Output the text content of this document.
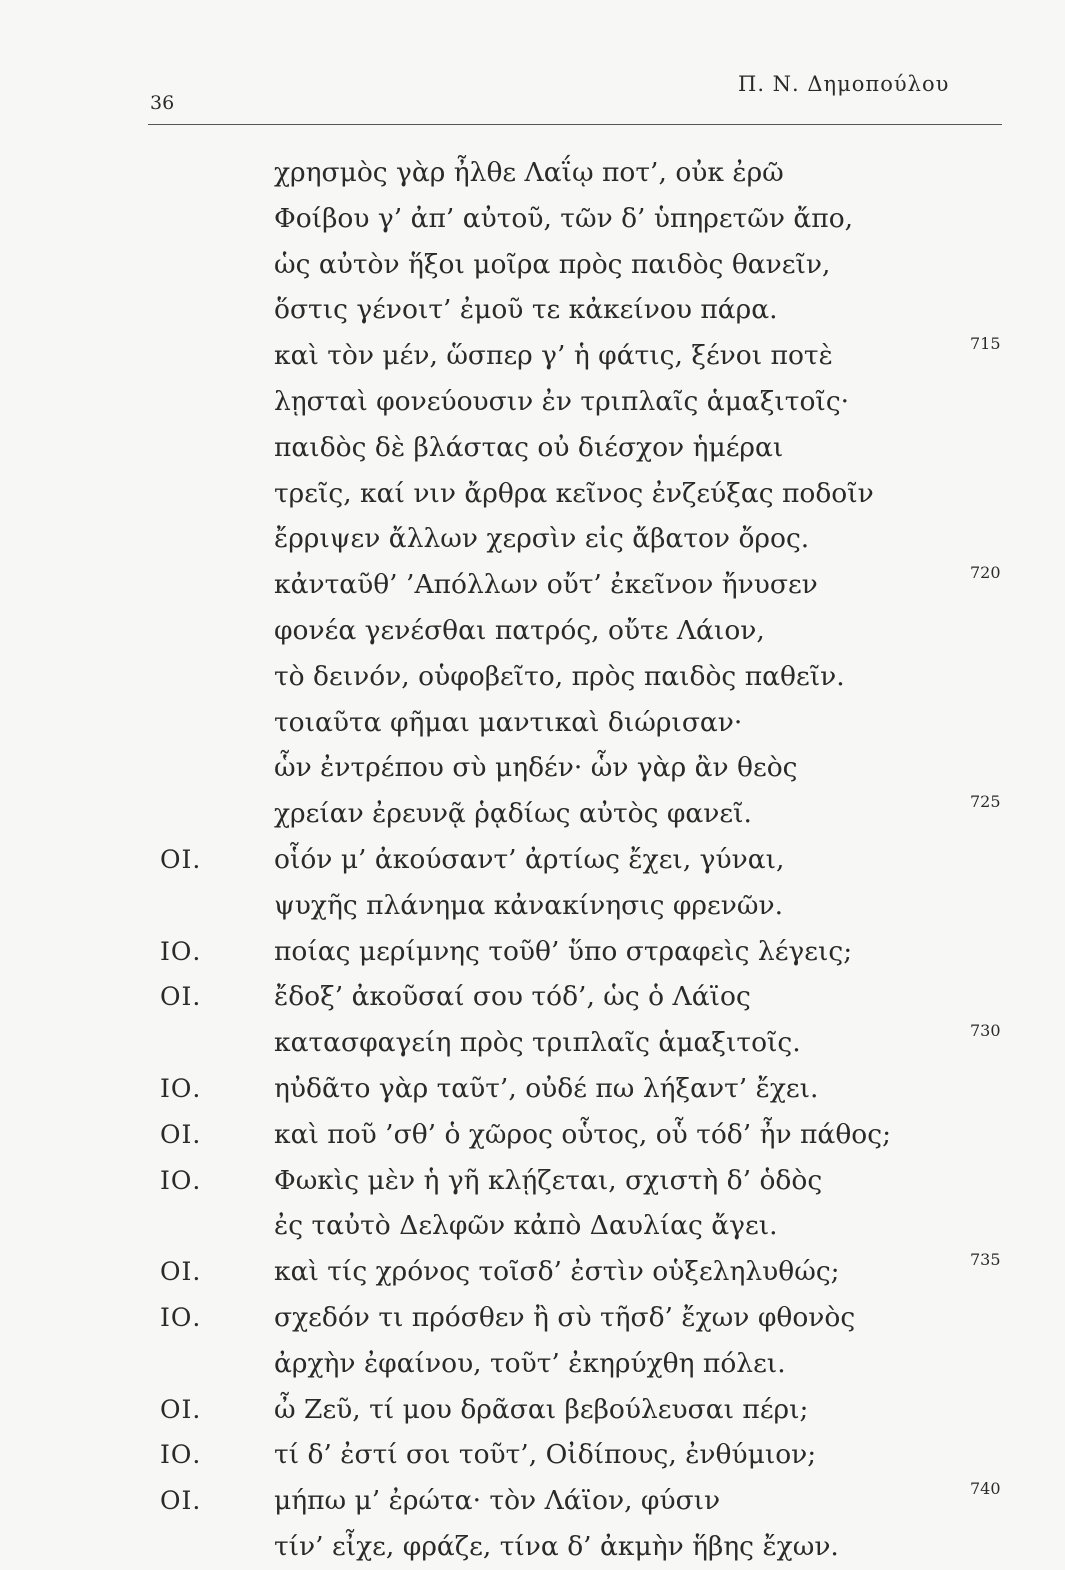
36
Π. Ν. Δημοπούλου
χρησμὸς γὰρ ἦλθε Λαΐῳ ποτ’, οὐκ ἐρῶ
Φοίβου γ’ ἀπ’ αὐτοῦ, τῶν δ’ ὑπηρετῶν ἄπο,
ὡς αὐτὸν ἥξοι μοῖρα πρὸς παιδὸς θανεῖν,
ὅστις γένοιτ’ ἐμοῦ τε κἀκείνου πάρα.
καὶ τὸν μέν, ὥσπερ γ’ ἡ φάτις, ξένοι ποτὲ	715
λῃσταὶ φονεύουσιν ἐν τριπλαῖς ἁμαξιτοῖς·
παιδὸς δὲ βλάστας οὐ διέσχον ἡμέραι
τρεῖς, καί νιν ἄρθρα κεῖνος ἐνζεύξας ποδοῖν
ἔρριψεν ἄλλων χερσὶν εἰς ἄβατον ὄρος.
κἀνταῦθ’ ’Απόλλων οὔτ’ ἐκεῖνον ἤνυσεν	720
φονέα γενέσθαι πατρός, οὔτε Λάιον,
τὸ δεινόν, οὑφοβεῖτο, πρὸς παιδὸς παθεῖν.
τοιαῦτα φῆμαι μαντικαὶ διώρισαν·
ὧν ἐντρέπου σὺ μηδέν· ὧν γὰρ ἂν θεὸς
χρείαν ἐρευνᾷ ῥᾳδίως αὐτὸς φανεῖ.	725
ΟΙ.	οἷόν μ’ ἀκούσαντ’ ἀρτίως ἔχει, γύναι,
ψυχῆς πλάνημα κἀνακίνησις φρενῶν.
ΙΟ.	ποίας μερίμνης τοῦθ’ ὕπο στραφεὶς λέγεις;
ΟΙ.	ἔδοξ’ ἀκοῦσαί σου τόδ’, ὡς ὁ Λάϊος
κατασφαγείη πρὸς τριπλαῖς ἁμαξιτοῖς.	730
ΙΟ.	ηὐδᾶτο γὰρ ταῦτ’, οὐδέ πω λήξαντ’ ἔχει.
ΟΙ.	καὶ ποῦ ’σθ’ ὁ χῶρος οὗτος, οὗ τόδ’ ἦν πάθος;
ΙΟ.	Φωκὶς μὲν ἡ γῆ κλῄζεται, σχιστὴ δ’ ὁδὸς
ἐς ταὐτὸ Δελφῶν κἀπὸ Δαυλίας ἄγει.
ΟΙ.	καὶ τίς χρόνος τοῖσδ’ ἐστὶν οὑξεληλυθώς;	735
ΙΟ.	σχεδόν τι πρόσθεν ἢ σὺ τῆσδ’ ἔχων φθονὸς
ἀρχὴν ἐφαίνου, τοῦτ’ ἐκηρύχθη πόλει.
ΟΙ.	ὦ Ζεῦ, τί μου δρᾶσαι βεβούλευσαι πέρι;
ΙΟ.	τί δ’ ἐστί σοι τοῦτ’, Οἰδίπους, ἐνθύμιον;
ΟΙ.	μήπω μ’ ἐρώτα· τὸν Λάϊον, φύσιν	740
τίν’ εἶχε, φράζε, τίνα δ’ ἀκμὴν ἥβης ἔχων.
